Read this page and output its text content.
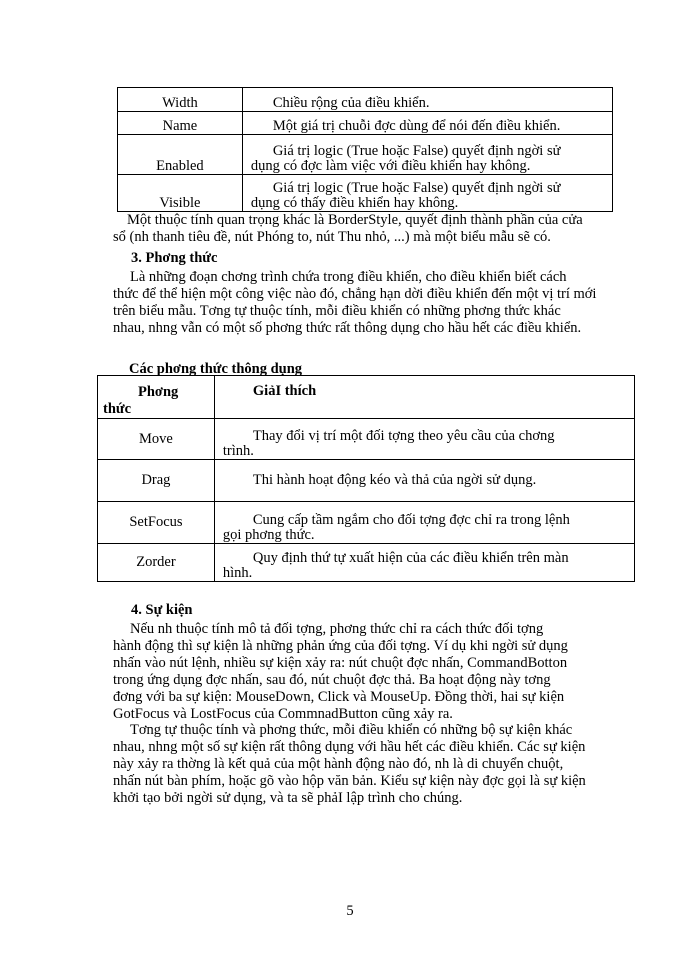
Width	Chiều rộng của điều khiển.
Name	Một giá trị chuỗi đợc dùng để nói đến điều khiển.
Enabled	Giá trị logic (True hoặc False) quyết định ngời sử
dụng có đợc làm việc với điều khiển hay không.

Visible	Giá trị logic (True hoặc False) quyết định ngời sử
dụng có thấy điều khiển hay không.
Một thuộc tính quan trọng khác là BorderStyle, quyết định thành phần của cửa
sổ (nh thanh tiêu đề, nút Phóng to, nút Thu nhỏ, ...) mà một biểu mẫu sẽ có.
3. Phơng thức
Là những đoạn chơng trình chứa trong điều khiển, cho điều khiển biết cách
thức để thể hiện một công việc nào đó, chẳng hạn dời điều khiển đến một vị trí mới
trên biểu mẫu. Tơng tự thuộc tính, mỗi điều khiển có những phơng thức khác
nhau, nhng vẫn có một số phơng thức rất thông dụng cho hầu hết các điều khiển.
Các phơng thức thông dụng
Phơng
thức	GiảI thích
Move	Thay đổi vị trí một đối tợng theo yêu cầu của chơng
trình.

Drag	Thi hành hoạt động kéo và thả của ngời sử dụng.

SetFocus	Cung cấp tầm ngắm cho đối tợng đợc chỉ ra trong lệnh
gọi phơng thức.

Zorder	Quy định thứ tự xuất hiện của các điều khiển trên màn
hình.
4. Sự kiện
Nếu nh thuộc tính mô tả đối tợng, phơng thức chỉ ra cách thức đối tợng
hành động thì sự kiện là những phản ứng của đối tợng. Ví dụ khi ngời sử dụng
nhấn vào nút lệnh, nhiều sự kiện xảy ra: nút chuột đợc nhấn, CommandBotton
trong ứng dụng đợc nhấn, sau đó, nút chuột đợc thả. Ba hoạt động này tơng
đơng với ba sự kiện: MouseDown, Click và MouseUp. Đồng thời, hai sự kiện
GotFocus và LostFocus của CommnadButton cũng xảy ra.
Tơng tự thuộc tính và phơng thức, mỗi điều khiển có những bộ sự kiện khác
nhau, nhng một số sự kiện rất thông dụng với hầu hết các điều khiển. Các sự kiện
này xảy ra thờng là kết quả của một hành động nào đó, nh là di chuyển chuột,
nhấn nút bàn phím, hoặc gõ vào hộp văn bản. Kiểu sự kiện này đợc gọi là sự kiện
khởi tạo bởi ngời sử dụng, và ta sẽ phảI lập trình cho chúng.
5
